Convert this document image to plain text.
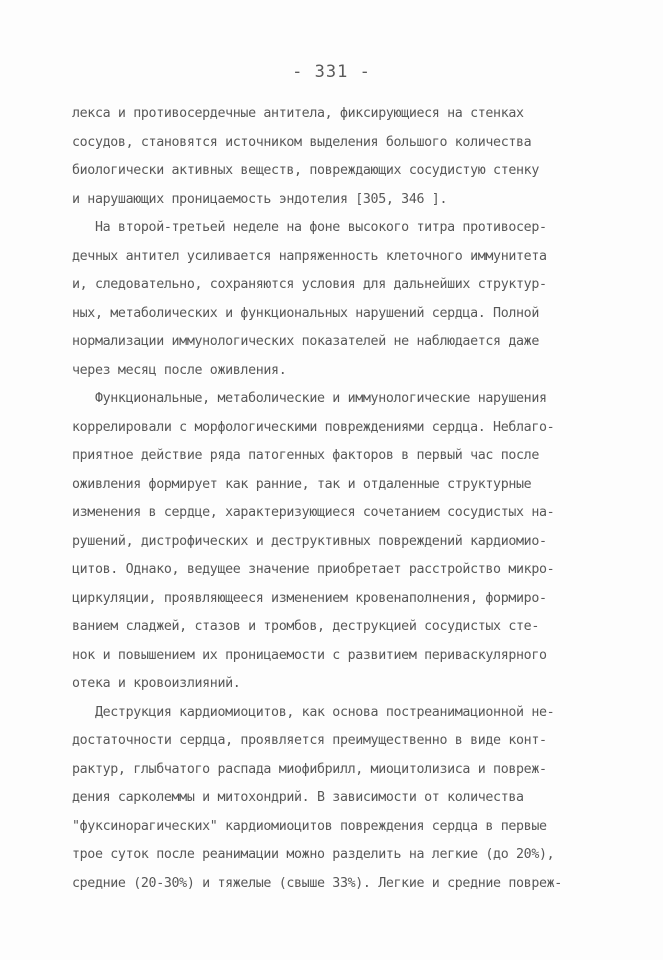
- 331 -
лекса и противосердечные антитела, фиксирующиеся на стенках
сосудов, становятся источником выделения большого количества
биологически активных веществ, повреждающих сосудистую стенку
и нарушающих проницаемость эндотелия [305, 346 ].
На второй-третьей неделе на фоне высокого титра противосер-
дечных антител усиливается напряженность клеточного иммунитета
и, следовательно, сохраняются условия для дальнейших структур-
ных, метаболических и функциональных нарушений сердца. Полной
нормализации иммунологических показателей не наблюдается даже
через месяц после оживления.
Функциональные, метаболические и иммунологические нарушения
коррелировали с морфологическими повреждениями сердца. Неблаго-
приятное действие ряда патогенных факторов в первый час после
оживления формирует как ранние, так и отдаленные структурные
изменения в сердце, характеризующиеся сочетанием сосудистых на-
рушений, дистрофических и деструктивных повреждений кардиомио-
цитов. Однако, ведущее значение приобретает расстройство микро-
циркуляции, проявляющееся изменением кровенаполнения, формиро-
ванием сладжей, стазов и тромбов, деструкцией сосудистых сте-
нок и повышением их проницаемости с развитием периваскулярного
отека и кровоизлияний.
Деструкция кардиомиоцитов, как основа постреанимационной не-
достаточности сердца, проявляется преимущественно в виде конт-
рактур, глыбчатого распада миофибрилл, миоцитолизиса и повреж-
дения сарколеммы и митохондрий. В зависимости от количества
"фуксинорагических" кардиомиоцитов повреждения сердца в первые
трое суток после реанимации можно разделить на легкие (до 20%),
средние (20-30%) и тяжелые (свыше 33%). Легкие и средние повреж-
